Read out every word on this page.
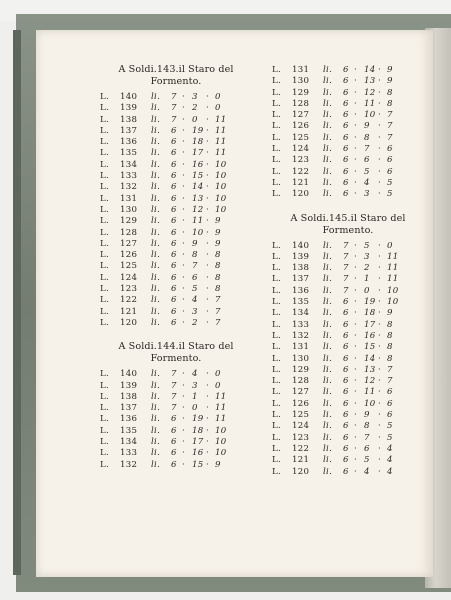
A Soldi.143.il Staro del
Formento.
L. 140 li. 7 · 3 · 0
L. 139 li. 7 · 2 · 0
L. 138 li. 7 · 0 · 11
L. 137 li. 6 · 19 · 11
L. 136 li. 6 · 18 · 11
L. 135 li. 6 · 17 · 11
L. 134 li. 6 · 16 · 10
L. 133 li. 6 · 15 · 10
L. 132 li. 6 · 14 · 10
L. 131 li. 6 · 13 · 10
L. 130 li. 6 · 12 · 10
L. 129 li. 6 · 11 · 9
L. 128 li. 6 · 10 · 9
L. 127 li. 6 · 9 · 9
L. 126 li. 6 · 8 · 8
L. 125 li. 6 · 7 · 8
L. 124 li. 6 · 6 · 8
L. 123 li. 6 · 5 · 8
L. 122 li. 6 · 4 · 7
L. 121 li. 6 · 3 · 7
L. 120 li. 6 · 2 · 7
A Soldi.144.il Staro del
Formento.
L. 140 li. 7 · 4 · 0
L. 139 li. 7 · 3 · 0
L. 138 li. 7 · 1 · 11
L. 137 li. 7 · 0 · 11
L. 136 li. 6 · 19 · 11
L. 135 li. 6 · 18 · 10
L. 134 li. 6 · 17 · 10
L. 133 li. 6 · 16 · 10
L. 132 li. 6 · 15 · 9
L. 131 li. 6 · 14 · 9
L. 130 li. 6 · 13 · 9
L. 129 li. 6 · 12 · 8
L. 128 li. 6 · 11 · 8
L. 127 li. 6 · 10 · 7
L. 126 li. 6 · 9 · 7
L. 125 li. 6 · 8 · 7
L. 124 li. 6 · 7 · 6
L. 123 li. 6 · 6 · 6
L. 122 li. 6 · 5 · 6
L. 121 li. 6 · 4 · 5
L. 120 li. 6 · 3 · 5
A Soldi.145.il Staro del
Formento.
L. 140 li. 7 · 5 · 0
L. 139 li. 7 · 3 · 11
L. 138 li. 7 · 2 · 11
L. 137 li. 7 · 1 · 11
L. 136 li. 7 · 0 · 10
L. 135 li. 6 · 19 · 10
L. 134 li. 6 · 18 · 9
L. 133 li. 6 · 17 · 8
L. 132 li. 6 · 16 · 8
L. 131 li. 6 · 15 · 8
L. 130 li. 6 · 14 · 8
L. 129 li. 6 · 13 · 7
L. 128 li. 6 · 12 · 7
L. 127 li. 6 · 11 · 6
L. 126 li. 6 · 10 · 6
L. 125 li. 6 · 9 · 6
L. 124 li. 6 · 8 · 5
L. 123 li. 6 · 7 · 5
L. 122 li. 6 · 6 · 4
L. 121 li. 6 · 5 · 4
L. 120 li. 6 · 4 · 4
